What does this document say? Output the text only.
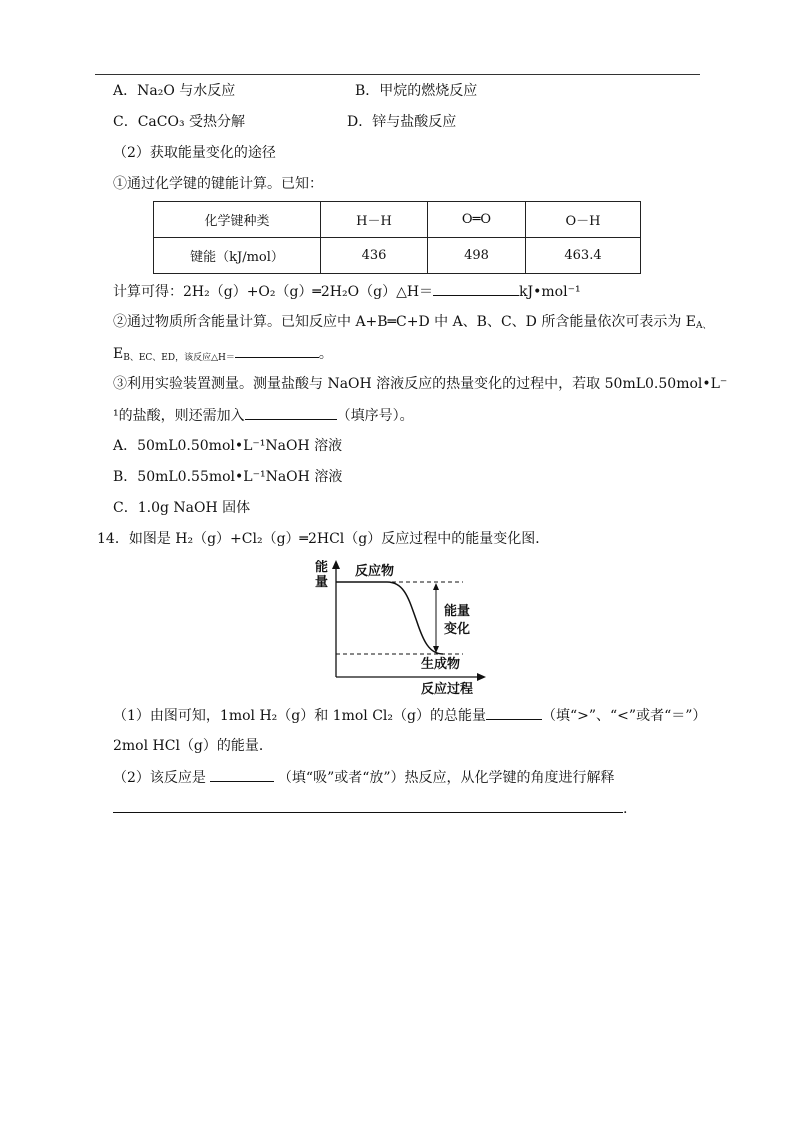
A．Na₂O 与水反应	B．甲烷的燃烧反应
C．CaCO₃ 受热分解	D．锌与盐酸反应
（2）获取能量变化的途径
①通过化学键的键能计算。已知：
化学键种类	H－H	O═O	O－H
键能（kJ/mol）	436	498	463.4
计算可得：2H₂（g）+O₂（g）═2H₂O（g）△H＝	kJ•mol⁻¹
②通过物质所含能量计算。已知反应中 A+B═C+D 中 A、B、C、D 所含能量依次可表示为 $E_{A、}$
$E_{B、EC、ED,该反应\triangle H=}$	。
③利用实验装置测量。测量盐酸与 NaOH 溶液反应的热量变化的过程中，若取 50mL0.50mol•L⁻
¹的盐酸，则还需加入	（填序号）。
A．50mL0.50mol•L⁻¹NaOH 溶液
B．50mL0.55mol•L⁻¹NaOH 溶液
C．1.0g NaOH 固体
14．如图是 H₂（g）+Cl₂（g）═2HCl（g）反应过程中的能量变化图．
能
量
反应物
能量
变化
生成物
反应过程
（1）由图可知，1mol H₂（g）和 1mol Cl₂（g）的总能量	（填“>”、“<”或者“＝”）
2mol HCl（g）的能量．
（2）该反应是	（填“吸”或者“放”）热反应，从化学键的角度进行解释
.
